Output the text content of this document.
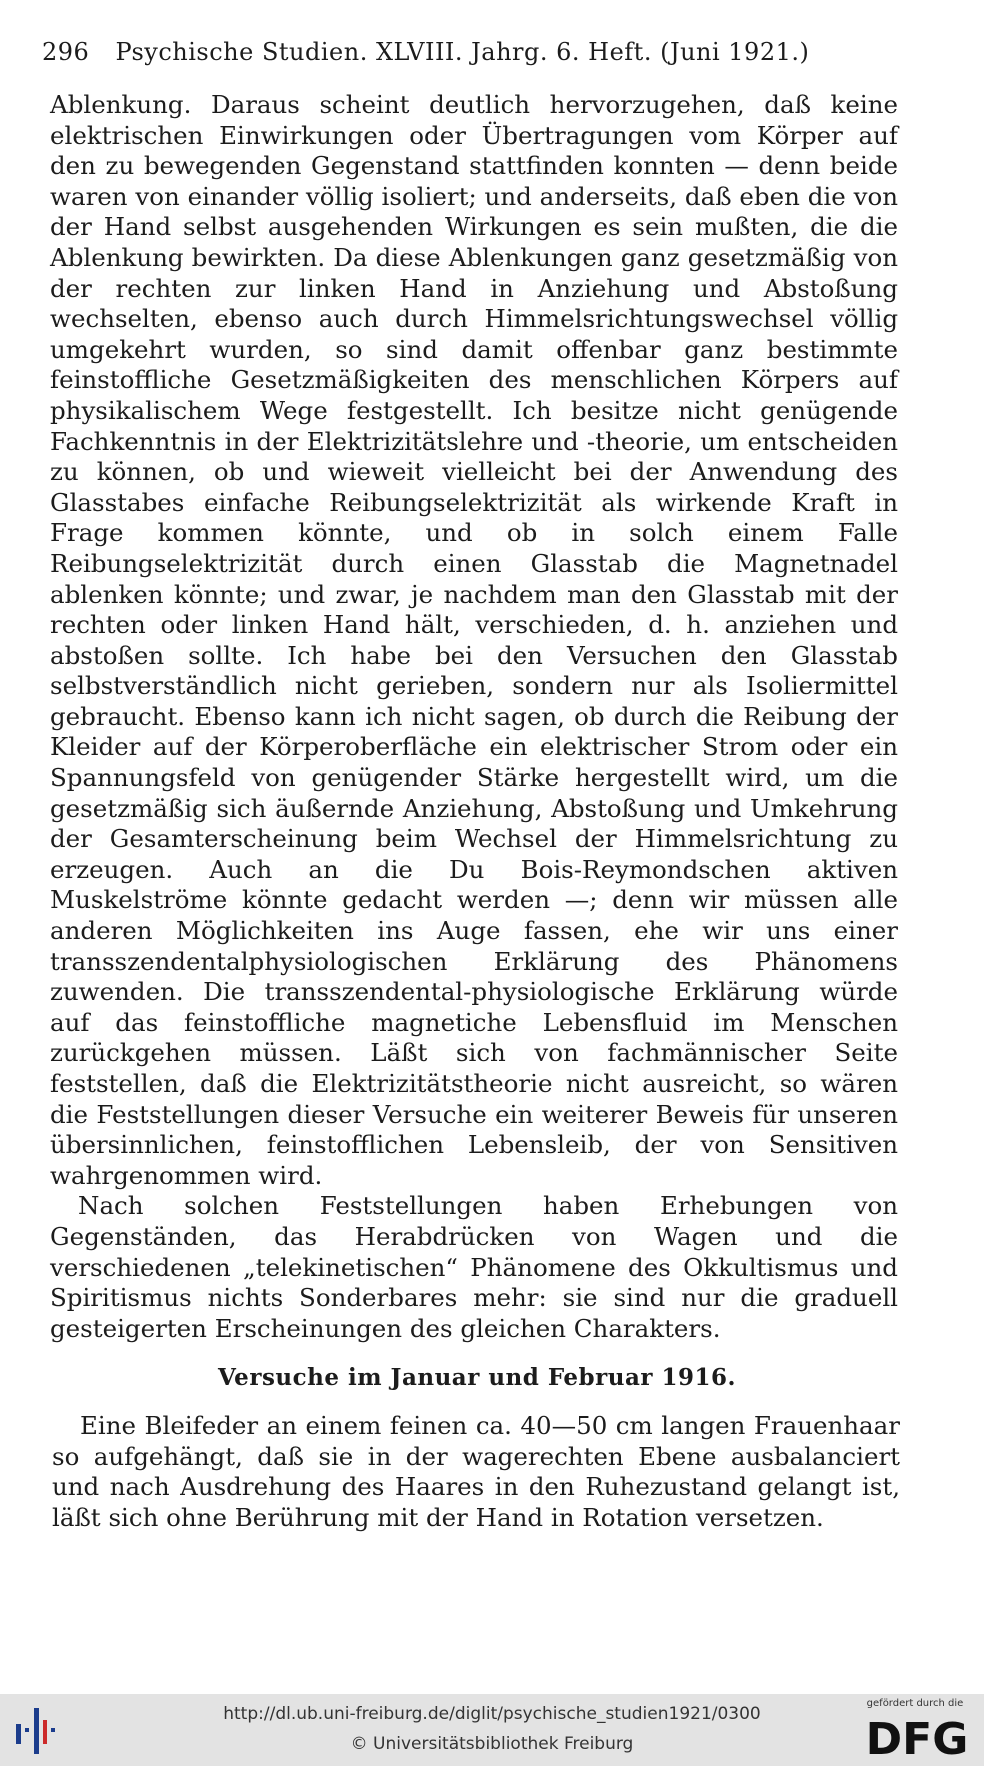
296 Psychische Studien. XLVIII. Jahrg. 6. Heft. (Juni 1921.)

Ablenkung. Daraus scheint deutlich hervorzugehen, daß keine elektrischen Einwirkungen oder Übertragungen vom Körper auf den zu bewegenden Gegenstand stattfinden konnten — denn beide waren von einander völlig isoliert; und anderseits, daß eben die von der Hand selbst ausgehenden Wirkungen es sein mußten, die die Ablenkung bewirkten. Da diese Ablenkungen ganz gesetzmäßig von der rechten zur linken Hand in Anziehung und Abstoßung wechselten, ebenso auch durch Himmelsrichtungswechsel völlig umgekehrt wurden, so sind damit offenbar ganz bestimmte feinstoffliche Gesetzmäßigkeiten des menschlichen Körpers auf physikalischem Wege festgestellt. Ich besitze nicht genügende Fachkenntnis in der Elektrizitätslehre und -theorie, um entscheiden zu können, ob und wieweit vielleicht bei der Anwendung des Glasstabes einfache Reibungselektrizität als wirkende Kraft in Frage kommen könnte, und ob in solch einem Falle Reibungselektrizität durch einen Glasstab die Magnetnadel ablenken könnte; und zwar, je nachdem man den Glasstab mit der rechten oder linken Hand hält, verschieden, d. h. anziehen und abstoßen sollte. Ich habe bei den Versuchen den Glasstab selbstverständlich nicht gerieben, sondern nur als Isoliermittel gebraucht. Ebenso kann ich nicht sagen, ob durch die Reibung der Kleider auf der Körperoberfläche ein elektrischer Strom oder ein Spannungsfeld von genügender Stärke hergestellt wird, um die gesetzmäßig sich äußernde Anziehung, Abstoßung und Umkehrung der Gesamterscheinung beim Wechsel der Himmelsrichtung zu erzeugen. Auch an die Du Bois-Reymondschen aktiven Muskelströme könnte gedacht werden —; denn wir müssen alle anderen Möglichkeiten ins Auge fassen, ehe wir uns einer transszendentalphysiologischen Erklärung des Phänomens zuwenden. Die transszendental-physiologische Erklärung würde auf das feinstoffliche magnetiche Lebensfluid im Menschen zurückgehen müssen. Läßt sich von fachmännischer Seite feststellen, daß die Elektrizitätstheorie nicht ausreicht, so wären die Feststellungen dieser Versuche ein weiterer Beweis für unseren übersinnlichen, feinstofflichen Lebensleib, der von Sensitiven wahrgenommen wird.

Nach solchen Feststellungen haben Erhebungen von Gegenständen, das Herabdrücken von Wagen und die verschiedenen „telekinetischen“ Phänomene des Okkultismus und Spiritismus nichts Sonderbares mehr: sie sind nur die graduell gesteigerten Erscheinungen des gleichen Charakters.

Versuche im Januar und Februar 1916.

Eine Bleifeder an einem feinen ca. 40—50 cm langen Frauenhaar so aufgehängt, daß sie in der wagerechten Ebene ausbalanciert und nach Ausdrehung des Haares in den Ruhezustand gelangt ist, läßt sich ohne Berührung mit der Hand in Rotation versetzen.

http://dl.ub.uni-freiburg.de/diglit/psychische_studien1921/0300
© Universitätsbibliothek Freiburg
gefördert durch die
DFG
